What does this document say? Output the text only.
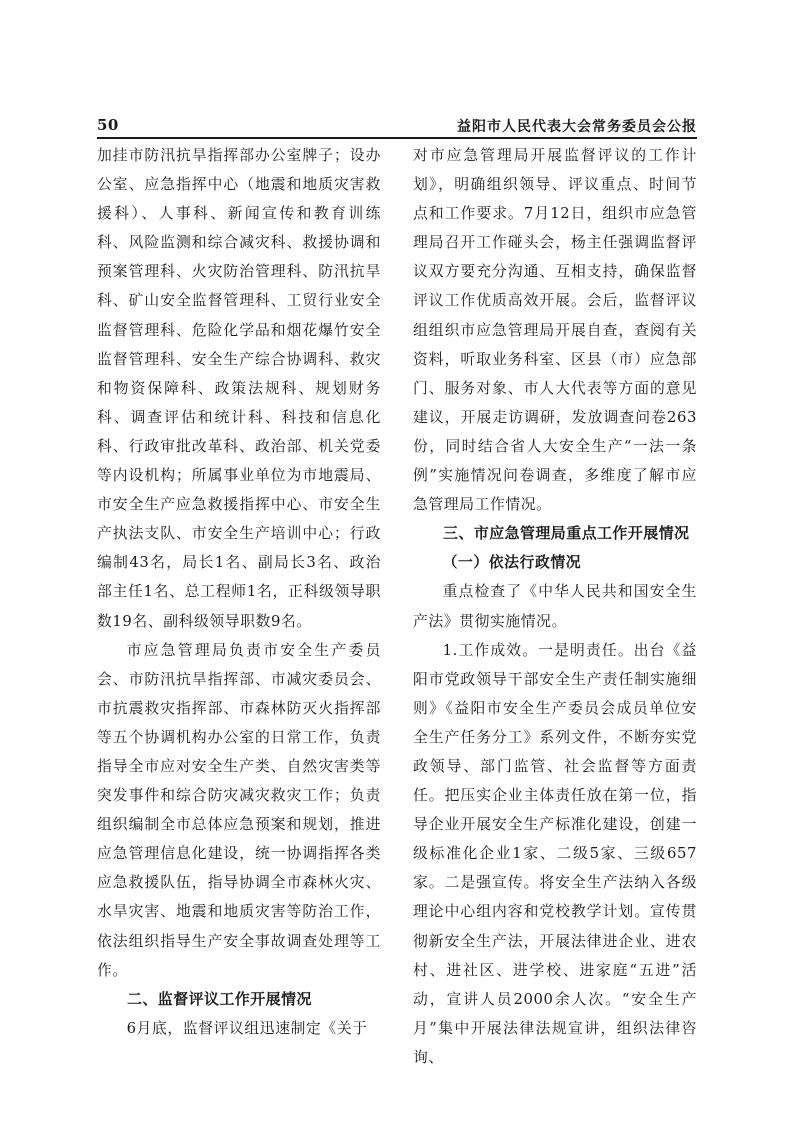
50	益阳市人民代表大会常务委员会公报

加挂市防汛抗旱指挥部办公室牌子；设办公室、应急指挥中心（地震和地质灾害救援科）、人事科、新闻宣传和教育训练科、风险监测和综合减灾科、救援协调和预案管理科、火灾防治管理科、防汛抗旱科、矿山安全监督管理科、工贸行业安全监督管理科、危险化学品和烟花爆竹安全监督管理科、安全生产综合协调科、救灾和物资保障科、政策法规科、规划财务科、调查评估和统计科、科技和信息化科、行政审批改革科、政治部、机关党委等内设机构；所属事业单位为市地震局、市安全生产应急救援指挥中心、市安全生产执法支队、市安全生产培训中心；行政编制43名，局长1名、副局长3名、政治部主任1名、总工程师1名，正科级领导职数19名、副科级领导职数9名。

市应急管理局负责市安全生产委员会、市防汛抗旱指挥部、市减灾委员会、市抗震救灾指挥部、市森林防灭火指挥部等五个协调机构办公室的日常工作，负责指导全市应对安全生产类、自然灾害类等突发事件和综合防灾减灾救灾工作；负责组织编制全市总体应急预案和规划，推进应急管理信息化建设，统一协调指挥各类应急救援队伍，指导协调全市森林火灾、水旱灾害、地震和地质灾害等防治工作，依法组织指导生产安全事故调查处理等工作。

二、监督评议工作开展情况

6月底，监督评议组迅速制定《关于

对市应急管理局开展监督评议的工作计划》，明确组织领导、评议重点、时间节点和工作要求。7月12日，组织市应急管理局召开工作碰头会，杨主任强调监督评议双方要充分沟通、互相支持，确保监督评议工作优质高效开展。会后，监督评议组组织市应急管理局开展自查，查阅有关资料，听取业务科室、区县（市）应急部门、服务对象、市人大代表等方面的意见建议，开展走访调研，发放调查问卷263份，同时结合省人大安全生产“一法一条例”实施情况问卷调查，多维度了解市应急管理局工作情况。

三、市应急管理局重点工作开展情况

（一）依法行政情况

重点检查了《中华人民共和国安全生产法》贯彻实施情况。

1.工作成效。一是明责任。出台《益阳市党政领导干部安全生产责任制实施细则》《益阳市安全生产委员会成员单位安全生产任务分工》系列文件，不断夯实党政领导、部门监管、社会监督等方面责任。把压实企业主体责任放在第一位，指导企业开展安全生产标准化建设，创建一级标准化企业1家、二级5家、三级657家。二是强宣传。将安全生产法纳入各级理论中心组内容和党校教学计划。宣传贯彻新安全生产法，开展法律进企业、进农村、进社区、进学校、进家庭“五进”活动，宣讲人员2000余人次。“安全生产月”集中开展法律法规宣讲，组织法律咨询、
